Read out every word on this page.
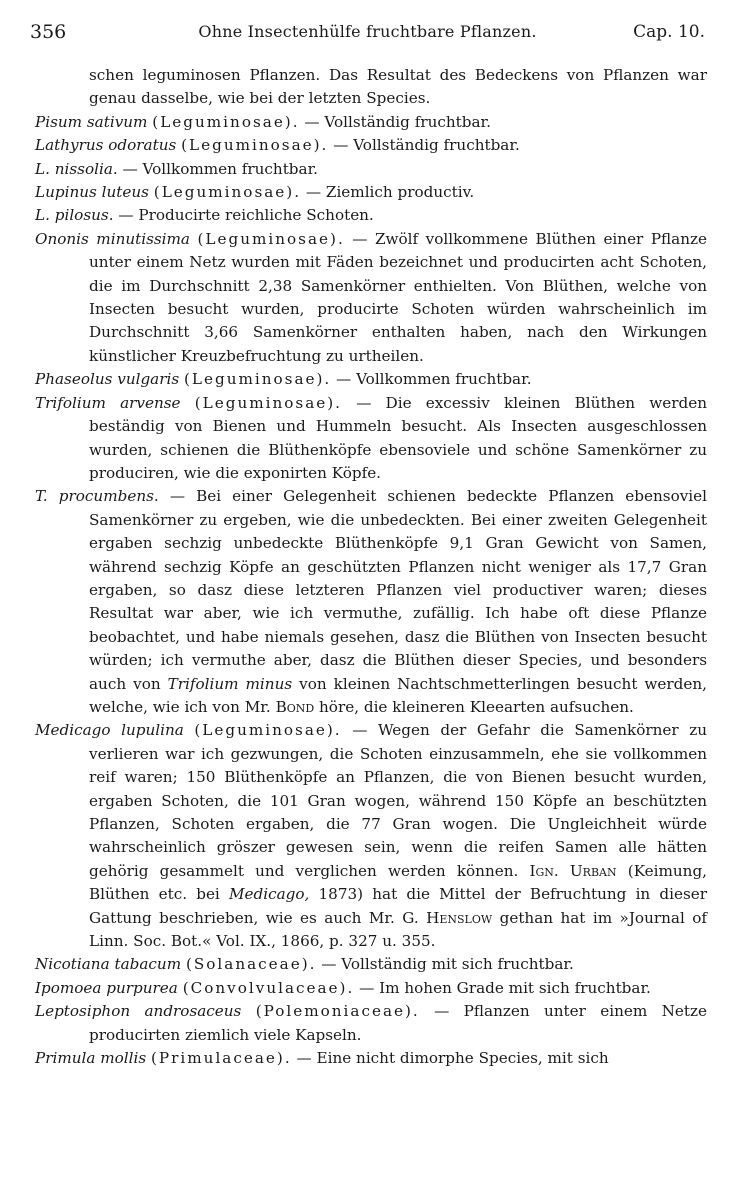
356	Ohne Insectenhülfe fruchtbare Pflanzen.	Cap. 10.
schen leguminosen Pflanzen. Das Resultat des Bedeckens von Pflanzen war genau dasselbe, wie bei der letzten Species.
Pisum sativum (Leguminosae). — Vollständig fruchtbar.
Lathyrus odoratus (Leguminosae). — Vollständig fruchtbar.
L. nissolia. — Vollkommen fruchtbar.
Lupinus luteus (Leguminosae). — Ziemlich productiv.
L. pilosus. — Producirte reichliche Schoten.
Ononis minutissima (Leguminosae). — Zwölf vollkommene Blüthen einer Pflanze unter einem Netz wurden mit Fäden bezeichnet und producirten acht Schoten, die im Durchschnitt 2,38 Samenkörner enthielten. Von Blüthen, welche von Insecten besucht wurden, producirte Schoten würden wahrscheinlich im Durchschnitt 3,66 Samenkörner enthalten haben, nach den Wirkungen künstlicher Kreuzbefruchtung zu urtheilen.
Phaseolus vulgaris (Leguminosae). — Vollkommen fruchtbar.
Trifolium arvense (Leguminosae). — Die excessiv kleinen Blüthen werden beständig von Bienen und Hummeln besucht. Als Insecten ausgeschlossen wurden, schienen die Blüthenköpfe ebensoviele und schöne Samenkörner zu produciren, wie die exponirten Köpfe.
T. procumbens. — Bei einer Gelegenheit schienen bedeckte Pflanzen ebensoviel Samenkörner zu ergeben, wie die unbedeckten. Bei einer zweiten Gelegenheit ergaben sechzig unbedeckte Blüthenköpfe 9,1 Gran Gewicht von Samen, während sechzig Köpfe an geschützten Pflanzen nicht weniger als 17,7 Gran ergaben, so dasz diese letzteren Pflanzen viel productiver waren; dieses Resultat war aber, wie ich vermuthe, zufällig. Ich habe oft diese Pflanze beobachtet, und habe niemals gesehen, dasz die Blüthen von Insecten besucht würden; ich vermuthe aber, dasz die Blüthen dieser Species, und besonders auch von Trifolium minus von kleinen Nachtschmetterlingen besucht werden, welche, wie ich von Mr. Bond höre, die kleineren Kleearten aufsuchen.
Medicago lupulina (Leguminosae). — Wegen der Gefahr die Samenkörner zu verlieren war ich gezwungen, die Schoten einzusammeln, ehe sie vollkommen reif waren; 150 Blüthenköpfe an Pflanzen, die von Bienen besucht wurden, ergaben Schoten, die 101 Gran wogen, während 150 Köpfe an beschützten Pflanzen, Schoten ergaben, die 77 Gran wogen. Die Ungleichheit würde wahrscheinlich grös​zer gewesen sein, wenn die reifen Samen alle hätten gehörig gesammelt und verglichen werden können. Ign. Urban (Keimung, Blüthen etc. bei Medicago, 1873) hat die Mittel der Befruchtung in dieser Gattung beschrieben, wie es auch Mr. G. Henslow gethan hat im »Journal of Linn. Soc. Bot.« Vol. IX., 1866, p. 327 u. 355.
Nicotiana tabacum (Solanaceae). — Vollständig mit sich fruchtbar.
Ipomoea purpurea (Convolvulaceae). — Im hohen Grade mit sich fruchtbar.
Leptosiphon androsaceus (Polemoniaceae). — Pflanzen unter einem Netze producirten ziemlich viele Kapseln.
Primula mollis (Primulaceae). — Eine nicht dimorphe Species, mit sich
